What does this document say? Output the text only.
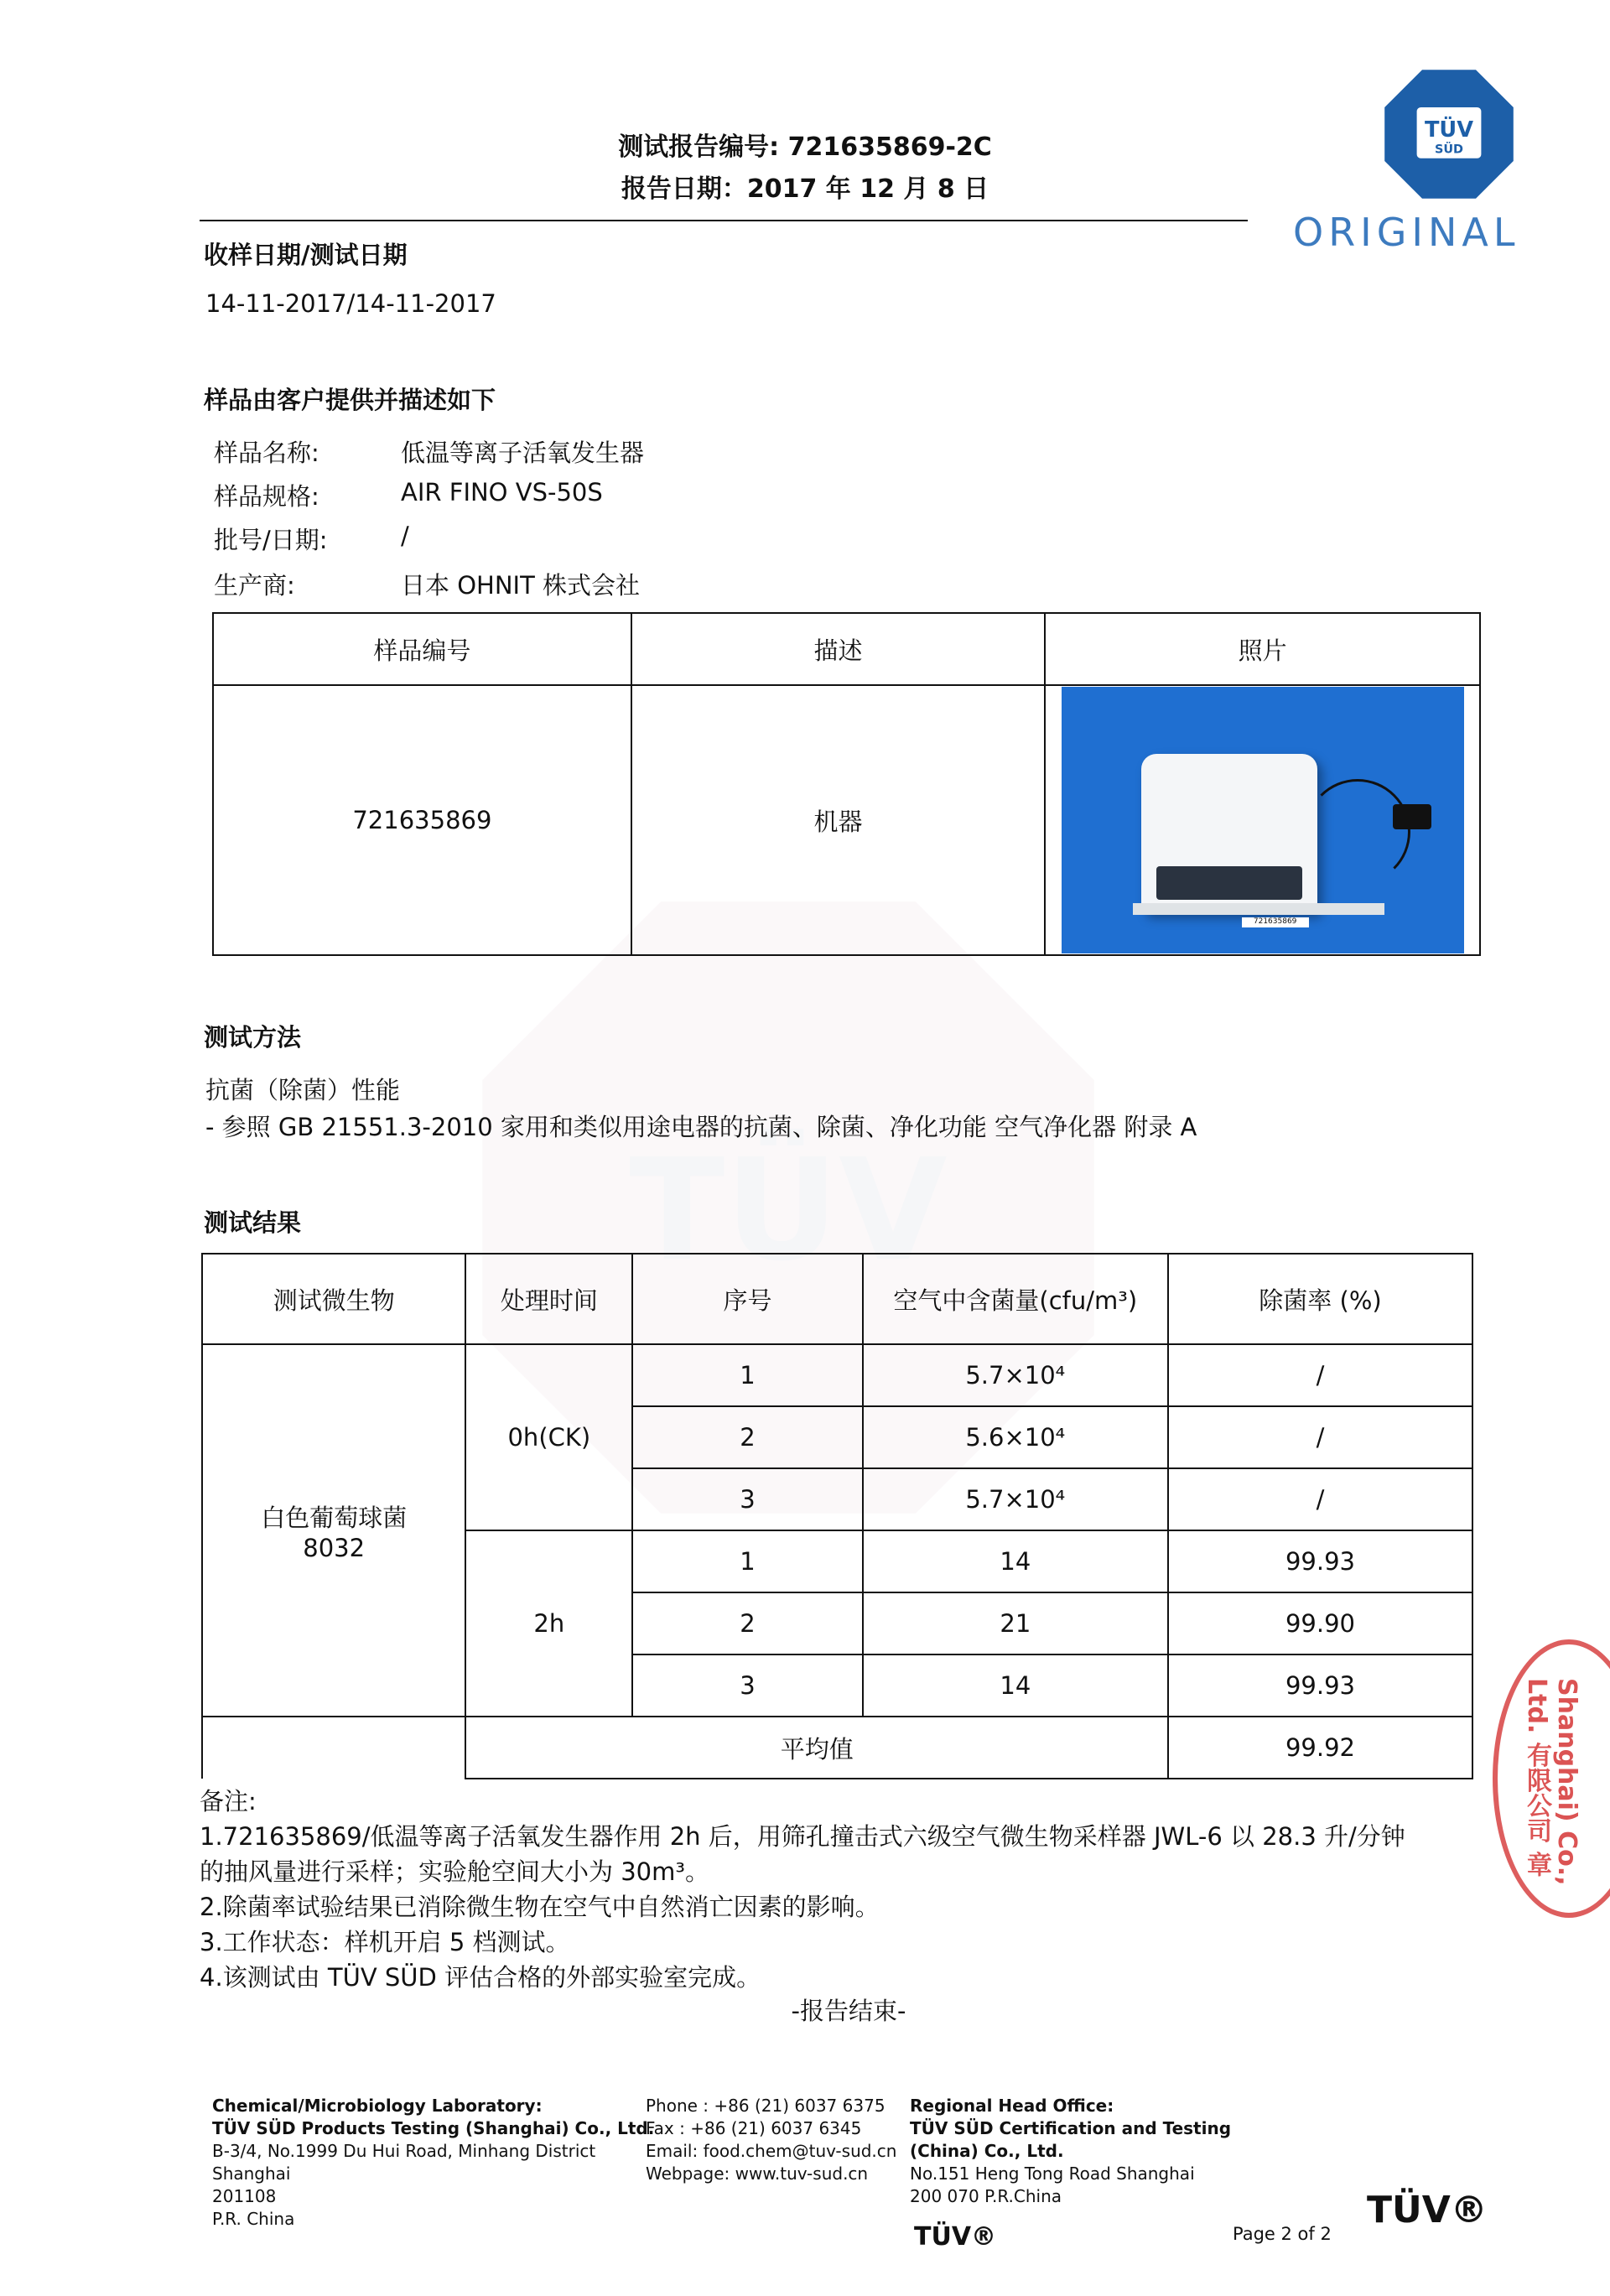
TÜV
TÜV
SÜD
ORIGINAL
测试报告编号: 721635869-2C
报告日期：2017 年 12 月 8 日
收样日期/测试日期
14-11-2017/14-11-2017
样品由客户提供并描述如下
样品名称:	低温等离子活氧发生器
样品规格:	AIR FINO VS-50S
批号/日期:	/
生产商:	日本 OHNIT 株式会社
样品编号	描述	照片
721635869	机器	721635869
测试方法
抗菌（除菌）性能
- 参照 GB 21551.3-2010 家用和类似用途电器的抗菌、除菌、净化功能 空气净化器 附录 A
测试结果
测试微生物	处理时间	序号	空气中含菌量(cfu/m³)	除菌率 (%)

白色葡萄球菌
8032	0h(CK)	1	5.7×10⁴	/
		2	5.6×10⁴	/
		3	5.7×10⁴	/
	2h	1	14	99.93
		2	21	99.90
		3	14	99.93
	平均值			99.92
备注:
1.721635869/低温等离子活氧发生器作用 2h 后，用筛孔撞击式六级空气微生物采样器 JWL-6 以 28.3 升/分钟
的抽风量进行采样；实验舱空间大小为 30m³。
2.除菌率试验结果已消除微生物在空气中自然消亡因素的影响。
3.工作状态：样机开启 5 档测试。
4.该测试由 TÜV SÜD 评估合格的外部实验室完成。
-报告结束-
Shanghai) Co., Ltd. 有限公司 章
Chemical/Microbiology Laboratory:
TÜV SÜD Products Testing (Shanghai) Co., Ltd.
B-3/4, No.1999 Du Hui Road, Minhang District
Shanghai
201108
P.R. China
Phone : +86 (21) 6037 6375
Fax : +86 (21) 6037 6345
Email: food.chem@tuv-sud.cn
Webpage: www.tuv-sud.cn
Regional Head Office:
TÜV SÜD Certification and Testing
(China) Co., Ltd.
No.151 Heng Tong Road Shanghai
200 070 P.R.China
TÜV®	Page 2 of 2
TÜV®
